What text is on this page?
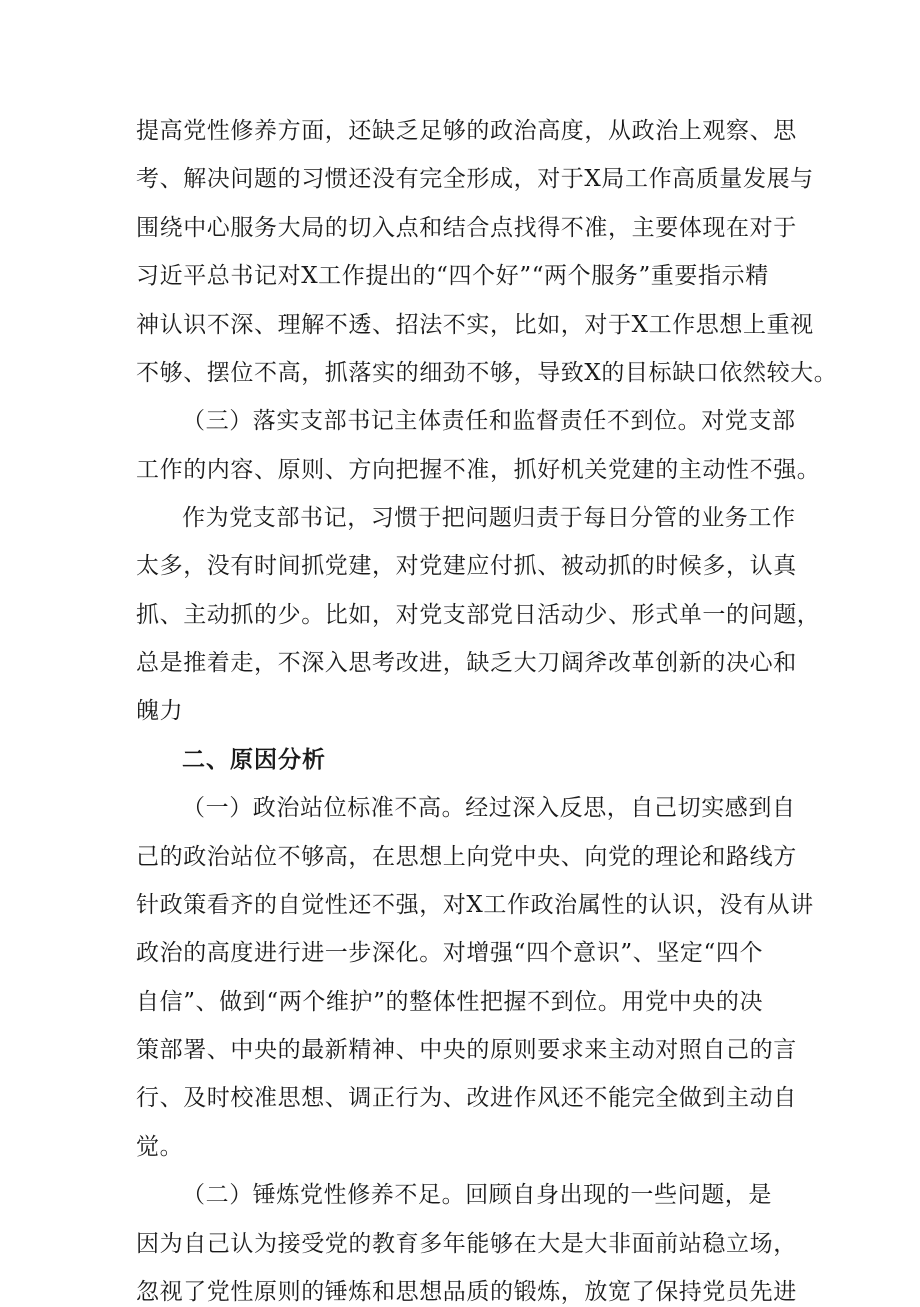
提高党性修养方面，还缺乏足够的政治高度，从政治上观察、思
考、解决问题的习惯还没有完全形成，对于X局工作高质量发展与
围绕中心服务大局的切入点和结合点找得不准，主要体现在对于
习近平总书记对X工作提出的“四个好”“两个服务”重要指示精
神认识不深、理解不透、招法不实，比如，对于X工作思想上重视
不够、摆位不高，抓落实的细劲不够，导致X的目标缺口依然较大。
（三）落实支部书记主体责任和监督责任不到位。对党支部
工作的内容、原则、方向把握不准，抓好机关党建的主动性不强。
作为党支部书记，习惯于把问题归责于每日分管的业务工作
太多，没有时间抓党建，对党建应付抓、被动抓的时候多，认真
抓、主动抓的少。比如，对党支部党日活动少、形式单一的问题，
总是推着走，不深入思考改进，缺乏大刀阔斧改革创新的决心和
魄力
二、原因分析
（一）政治站位标准不高。经过深入反思，自己切实感到自
己的政治站位不够高，在思想上向党中央、向党的理论和路线方
针政策看齐的自觉性还不强，对X工作政治属性的认识，没有从讲
政治的高度进行进一步深化。对增强“四个意识”、坚定“四个
自信”、做到“两个维护”的整体性把握不到位。用党中央的决
策部署、中央的最新精神、中央的原则要求来主动对照自己的言
行、及时校准思想、调正行为、改进作风还不能完全做到主动自
觉。
（二）锤炼党性修养不足。回顾自身出现的一些问题，是
因为自己认为接受党的教育多年能够在大是大非面前站稳立场，
忽视了党性原则的锤炼和思想品质的锻炼，放宽了保持党员先进
